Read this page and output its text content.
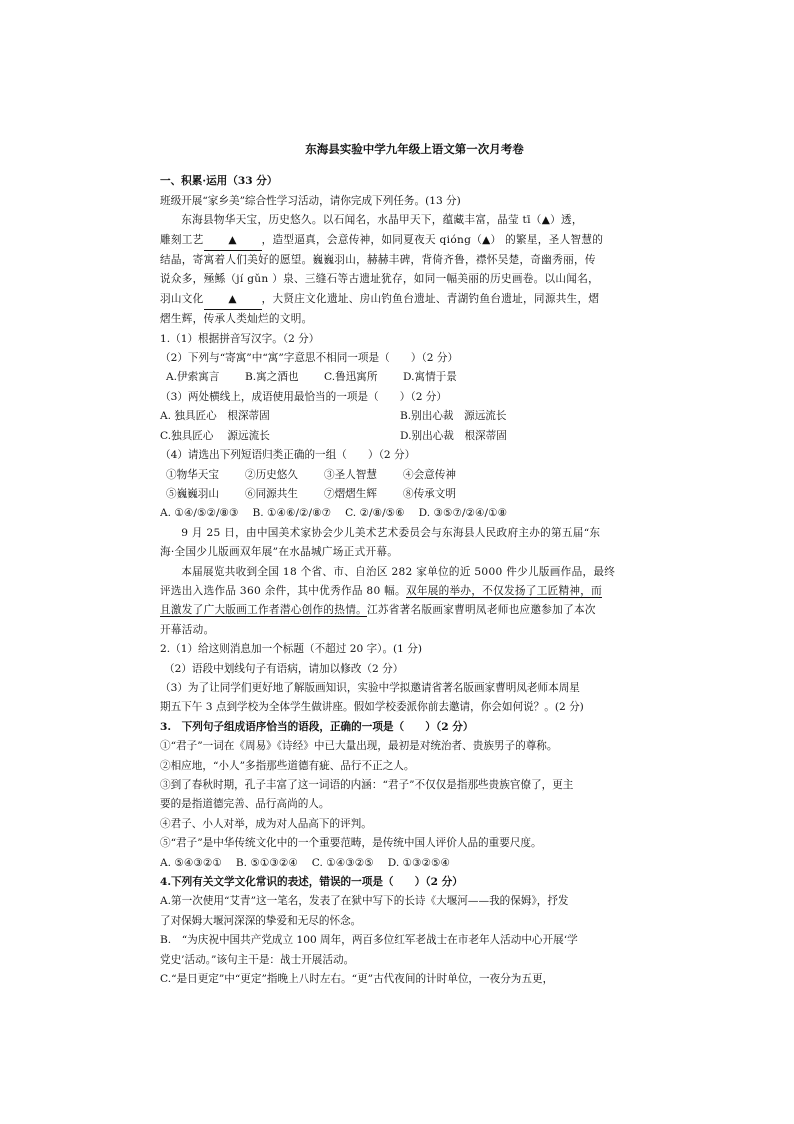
东海县实验中学九年级上语文第一次月考卷
一、积累·运用（33 分）
班级开展“家乡美”综合性学习活动，请你完成下列任务。(13 分)
东海县物华天宝，历史悠久。以石闻名，水晶甲天下，蕴藏丰富，晶莹 tī（▲）透，
雕刻工艺 ▲ ，造型逼真，会意传神，如同夏夜天 qióng（▲） 的繁星，圣人智慧的
结晶，寄寓着人们美好的愿望。巍巍羽山，赫赫丰碑，背倚齐鲁，襟怀吴楚，奇幽秀丽，传
说众多，殛鲧（jí gǔn ）泉、三缝石等古遗址犹存，如同一幅美丽的历史画卷。以山闻名，
羽山文化 ▲ ，大贤庄文化遗址、房山钓鱼台遗址、青湖钓鱼台遗址，同源共生，熠
熠生辉，传承人类灿烂的文明。
1.（1）根据拼音写汉字。（2 分）
（2）下列与“寄寓”中“寓”字意思不相同一项是（　　）（2 分）
A.伊索寓言	B.寓之酒也	C.鲁迅寓所	D.寓情于景
（3）两处横线上，成语使用最恰当的一项是（　　）（2 分）
A. 独具匠心　根深蒂固	B.别出心裁　源远流长
C.独具匠心　 源远流长	D.别出心裁　根深蒂固
（4）请选出下列短语归类正确的一组（　　）（2 分）
①物华天宝	②历史悠久	③圣人智慧	④会意传神
⑤巍巍羽山	⑥同源共生	⑦熠熠生辉	⑧传承文明
A. ①④/⑤②/⑧③　 B. ①④⑥/②/⑧⑦　 C. ②/⑧/⑤⑥　 D. ③⑤⑦/②④/①⑧
9 月 25 日，由中国美术家协会少儿美术艺术委员会与东海县人民政府主办的第五届“东
海·全国少儿版画双年展”在水晶城广场正式开幕。
本届展览共收到全国 18 个省、市、自治区 282 家单位的近 5000 件少儿版画作品，最终
评选出入选作品 360 余件，其中优秀作品 80 幅。双年展的举办，不仅发扬了工匠精神，而
且激发了广大版画工作者潜心创作的热情。江苏省著名版画家曹明凤老师也应邀参加了本次
开幕活动。
2.（1）给这则消息加一个标题（不超过 20 字）。(1 分)
（2）语段中划线句子有语病，请加以修改（2 分）
（3）为了让同学们更好地了解版画知识，实验中学拟邀请省著名版画家曹明凤老师本周星
期五下午 3 点到学校为全体学生做讲座。假如学校委派你前去邀请，你会如何说？。(2 分)
3.　下列句子组成语序恰当的语段，正确的一项是（　　）（2 分）
①“君子”一词在《周易》《诗经》中已大量出现，最初是对统治者、贵族男子的尊称。
②相应地，“小人”多指那些道德有疵、品行不正之人。
③到了春秋时期，孔子丰富了这一词语的内涵：“君子”不仅仅是指那些贵族官僚了，更主
要的是指道德完善、品行高尚的人。
④君子、小人对举，成为对人品高下的评判。
⑤“君子”是中华传统文化中的一个重要范畴，是传统中国人评价人品的重要尺度。
A. ⑤④③②①　 B. ⑤①③②④　 C. ①④③②⑤　 D. ①③②⑤④
4.下列有关文学文化常识的表述，错误的一项是（　　）（2 分）
A.第一次使用“艾青”这一笔名，发表了在狱中写下的长诗《大堰河——我的保姆》，抒发
了对保姆大堰河深深的挚爱和无尽的怀念。
B.　“为庆祝中国共产党成立 100 周年，两百多位红军老战士在市老年人活动中心开展‘学
党史’活动。”该句主干是：战士开展活动。
C.“是日更定”中“更定”指晚上八时左右。“更”古代夜间的计时单位，一夜分为五更，
